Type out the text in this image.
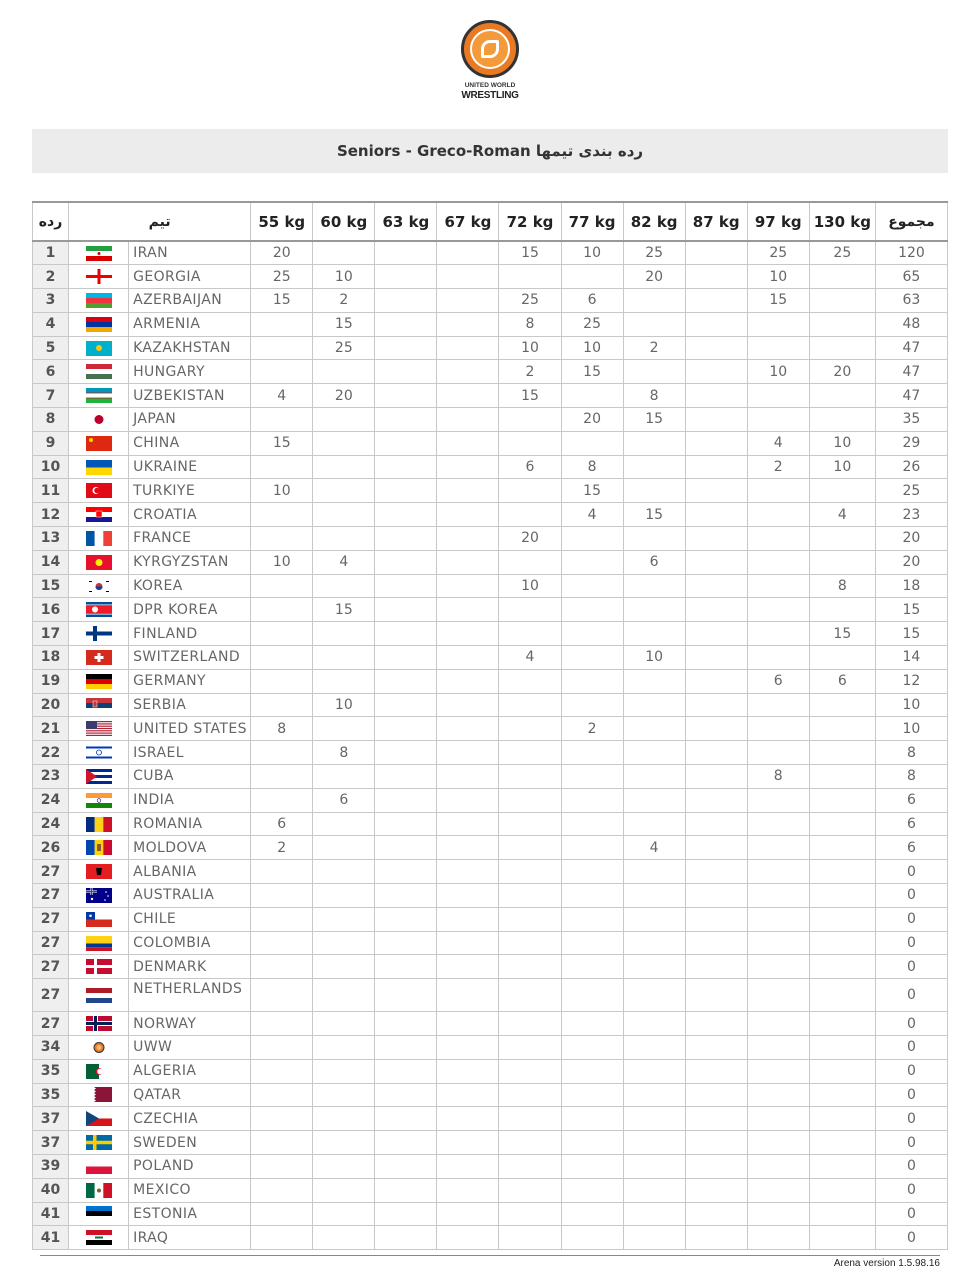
UNITED WORLD
WRESTLING
Seniors - Greco-Roman رده بندی تیمها
رده	تیم		55 kg	60 kg	63 kg	67 kg	72 kg	77 kg	82 kg	87 kg	97 kg	130 kg	مجموع
1		IRAN	20				15	10	25		25	25	120
2		GEORGIA	25	10					20		10		65
3		AZERBAIJAN	15	2			25	6			15		63
4		ARMENIA		15			8	25					48
5		KAZAKHSTAN		25			10	10	2				47
6		HUNGARY					2	15			10	20	47
7		UZBEKISTAN	4	20			15		8				47
8		JAPAN						20	15				35
9		CHINA	15								4	10	29
10		UKRAINE					6	8			2	10	26
11		TURKIYE	10					15					25
12		CROATIA						4	15			4	23
13		FRANCE					20						20
14		KYRGYZSTAN	10	4					6				20
15		KOREA					10					8	18
16		DPR KOREA		15									15
17		FINLAND										15	15
18		SWITZERLAND					4		10				14
19		GERMANY									6	6	12
20		SERBIA		10									10
21		UNITED STATES	8					2					10
22		ISRAEL		8									8
23		CUBA									8		8
24		INDIA		6									6
24		ROMANIA	6										6
26		MOLDOVA	2						4				6
27		ALBANIA											0
27		AUSTRALIA											0
27		CHILE											0
27		COLOMBIA											0
27		DENMARK											0
27		NETHERLANDS											0
27		NORWAY											0
34		UWW											0
35		ALGERIA											0
35		QATAR											0
37		CZECHIA											0
37		SWEDEN											0
39		POLAND											0
40		MEXICO											0
41		ESTONIA											0
41		IRAQ											0
Arena version 1.5.98.16
